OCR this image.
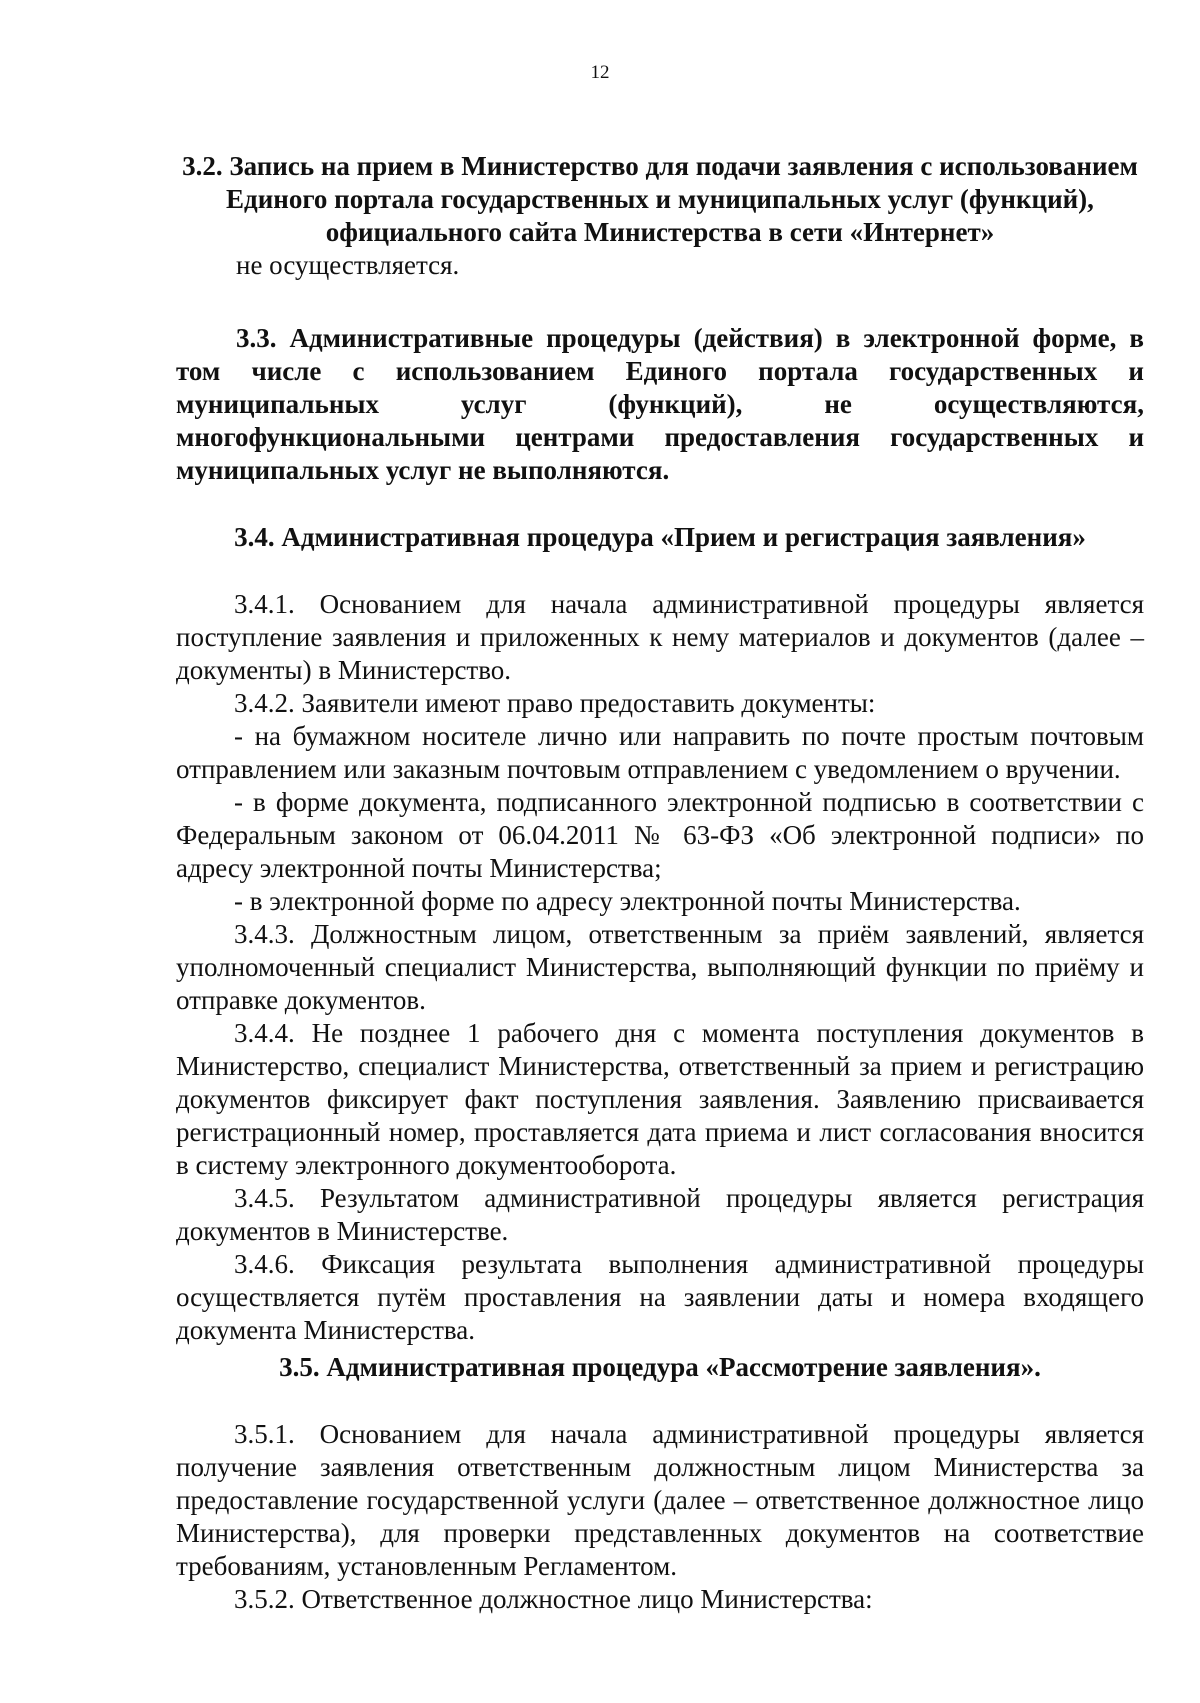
12

3.2. Запись на прием в Министерство для подачи заявления с использованием Единого портала государственных и муниципальных услуг (функций), официального сайта Министерства в сети «Интернет»

не осуществляется.

3.3. Административные процедуры (действия) в электронной форме, в том числе с использованием Единого портала государственных и муниципальных услуг (функций), не осуществляются, многофункциональными центрами предоставления государственных и муниципальных услуг не выполняются.

3.4. Административная процедура «Прием и регистрация заявления»

3.4.1. Основанием для начала административной процедуры является поступление заявления и приложенных к нему материалов и документов (далее – документы) в Министерство.

3.4.2. Заявители имеют право предоставить документы:

- на бумажном носителе лично или направить по почте простым почтовым отправлением или заказным почтовым отправлением с уведомлением о вручении.

- в форме документа, подписанного электронной подписью в соответствии с Федеральным законом от 06.04.2011 № 63-ФЗ «Об электронной подписи» по адресу электронной почты Министерства;

- в электронной форме по адресу электронной почты Министерства.

3.4.3. Должностным лицом, ответственным за приём заявлений, является уполномоченный специалист Министерства, выполняющий функции по приёму и отправке документов.

3.4.4. Не позднее 1 рабочего дня с момента поступления документов в Министерство, специалист Министерства, ответственный за прием и регистрацию документов фиксирует факт поступления заявления. Заявлению присваивается регистрационный номер, проставляется дата приема и лист согласования вносится в систему электронного документооборота.

3.4.5. Результатом административной процедуры является регистрация документов в Министерстве.

3.4.6. Фиксация результата выполнения административной процедуры осуществляется путём проставления на заявлении даты и номера входящего документа Министерства.

3.5. Административная процедура «Рассмотрение заявления».

3.5.1. Основанием для начала административной процедуры является получение заявления ответственным должностным лицом Министерства за предоставление государственной услуги (далее – ответственное должностное лицо Министерства), для проверки представленных документов на соответствие требованиям, установленным Регламентом.

3.5.2. Ответственное должностное лицо Министерства:
